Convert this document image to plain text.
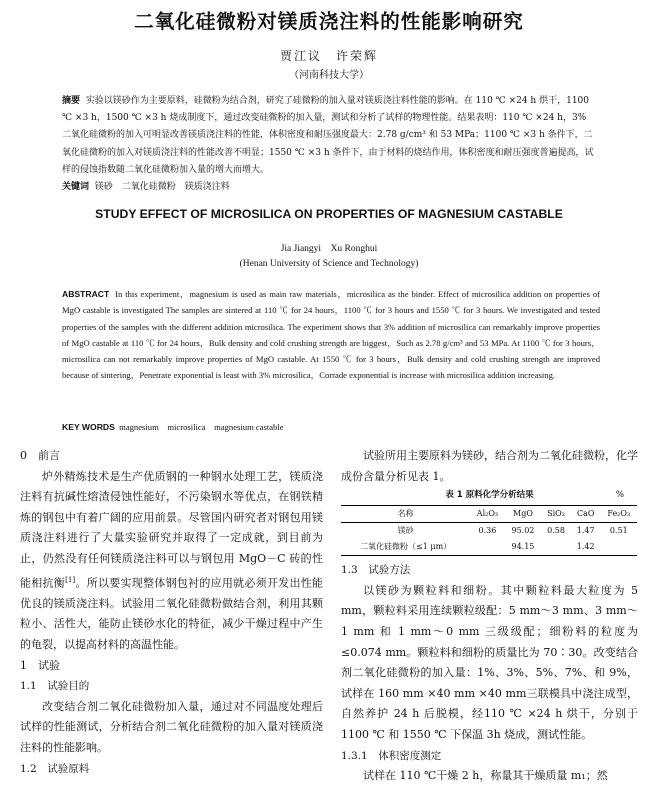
二氧化硅微粉对镁质浇注料的性能影响研究
贾江议　许荣辉
（河南科技大学）
摘要 实验以镁砂作为主要原料，硅微粉为结合剂，研究了硅微粉的加入量对镁质浇注料性能的影响。在 110 ℃ ×24 h 烘干，1100 ℃ ×3 h，1500 ℃ ×3 h 烧成制度下，通过改变硅微粉的加入量，测试和分析了试样的物理性能。结果表明：110 ℃ ×24 h，3% 二氧化硅微粉的加入可明显改善镁质浇注料的性能，体积密度和耐压强度最大：2.78 g/cm³ 和 53 MPa；1100 ℃ ×3 h 条件下，二氧化硅微粉的加入对镁质浇注料的性能改善不明显；1550 ℃ ×3 h 条件下，由于材料的烧结作用，体积密度和耐压强度普遍提高，试样的侵蚀指数随二氧化硅微粉加入量的增大而增大。
关键词 镁砂　二氧化硅微粉　镁质浇注料
STUDY EFFECT OF MICROSILICA ON PROPERTIES OF MAGNESIUM CASTABLE
Jia Jiangyi　Xu Ronghui
(Henan University of Science and Technology)
ABSTRACT In this experiment，magnesium is used as main raw materials，microsilica as the binder. Effect of microsilica addition on properties of MgO castable is investigated The samples are sintered at 110 ℃ for 24 hours，1100 ℃ for 3 hours and 1550 ℃ for 3 hours. We investigated and tested properties of the samples with the different addition microsilica. The experiment shows that 3% addition of microsilica can remarkably improve properties of MgO castable at 110 ℃ for 24 hours，Bulk density and cold crushing strength are biggest，Such as 2.78 g/cm³ and 53 MPa. At 1100 ℃ for 3 hours，microsilica can not remarkably improve properties of MgO castable. At 1550 ℃ for 3 hours，Bulk density and cold crushing strength are improved because of sintering，Penetrate exponential is least with 3% microsilica，Corrade exponential is increase with microsilica addition increasing.
KEY WORDS magnesium　microsilica　magnesium castable
0　前言

炉外精炼技术是生产优质钢的一种钢水处理工艺，镁质浇注料有抗碱性熔渣侵蚀性能好，不污染钢水等优点，在钢铁精炼的钢包中有着广阔的应用前景。尽管国内研究者对钢包用镁质浇注料进行了大量实验研究并取得了一定成就，到目前为止，仍然没有任何镁质浇注料可以与钢包用 MgO－C 砖的性能相抗衡[1]。所以要实现整体钢包衬的应用就必须开发出性能优良的镁质浇注料。试验用二氧化硅微粉做结合剂，利用其颗粒小、活性大，能防止镁砂水化的特征，减少干燥过程中产生的龟裂，以提高材料的高温性能。

1　试验
1.1　试验目的

改变结合剂二氧化硅微粉加入量，通过对不同温度处理后试样的性能测试，分析结合剂二氧化硅微粉的加入量对镁质浇注料的性能影响。

1.2　试验原料

试验所用主要原料为镁砂，结合剂为二氧化硅微粉，化学成份含量分析见表 1。

表 1 原料化学分析结果	%
名称	Al₂O₃	MgO	SiO₂	CaO	Fe₂O₃
镁砂	0.36	95.02	0.58	1.47	0.51
二氧化硅微粉（≤1 μm）		94.15		1.42	
1.3　试验方法

以镁砂为颗粒料和细粉。其中颗粒料最大粒度为 5 mm，颗粒料采用连续颗粒级配：5 mm～3 mm、3 mm～1 mm 和 1 mm～0 mm 三级级配；细粉料的粒度为 ≤0.074 mm。颗粒料和细粉的质量比为 70∶30。改变结合剂二氧化硅微粉的加入量：1%、3%、5%、7%、和 9%，试样在 160 mm ×40 mm ×40 mm三联模具中浇注成型，自然养护 24 h 后脱模，经110 ℃ ×24 h 烘干，分别于 1100 ℃ 和 1550 ℃ 下保温 3h 烧成，测试性能。

1.3.1　体积密度测定

试样在 110 ℃干燥 2 h，称量其干燥质量 m₁；然
